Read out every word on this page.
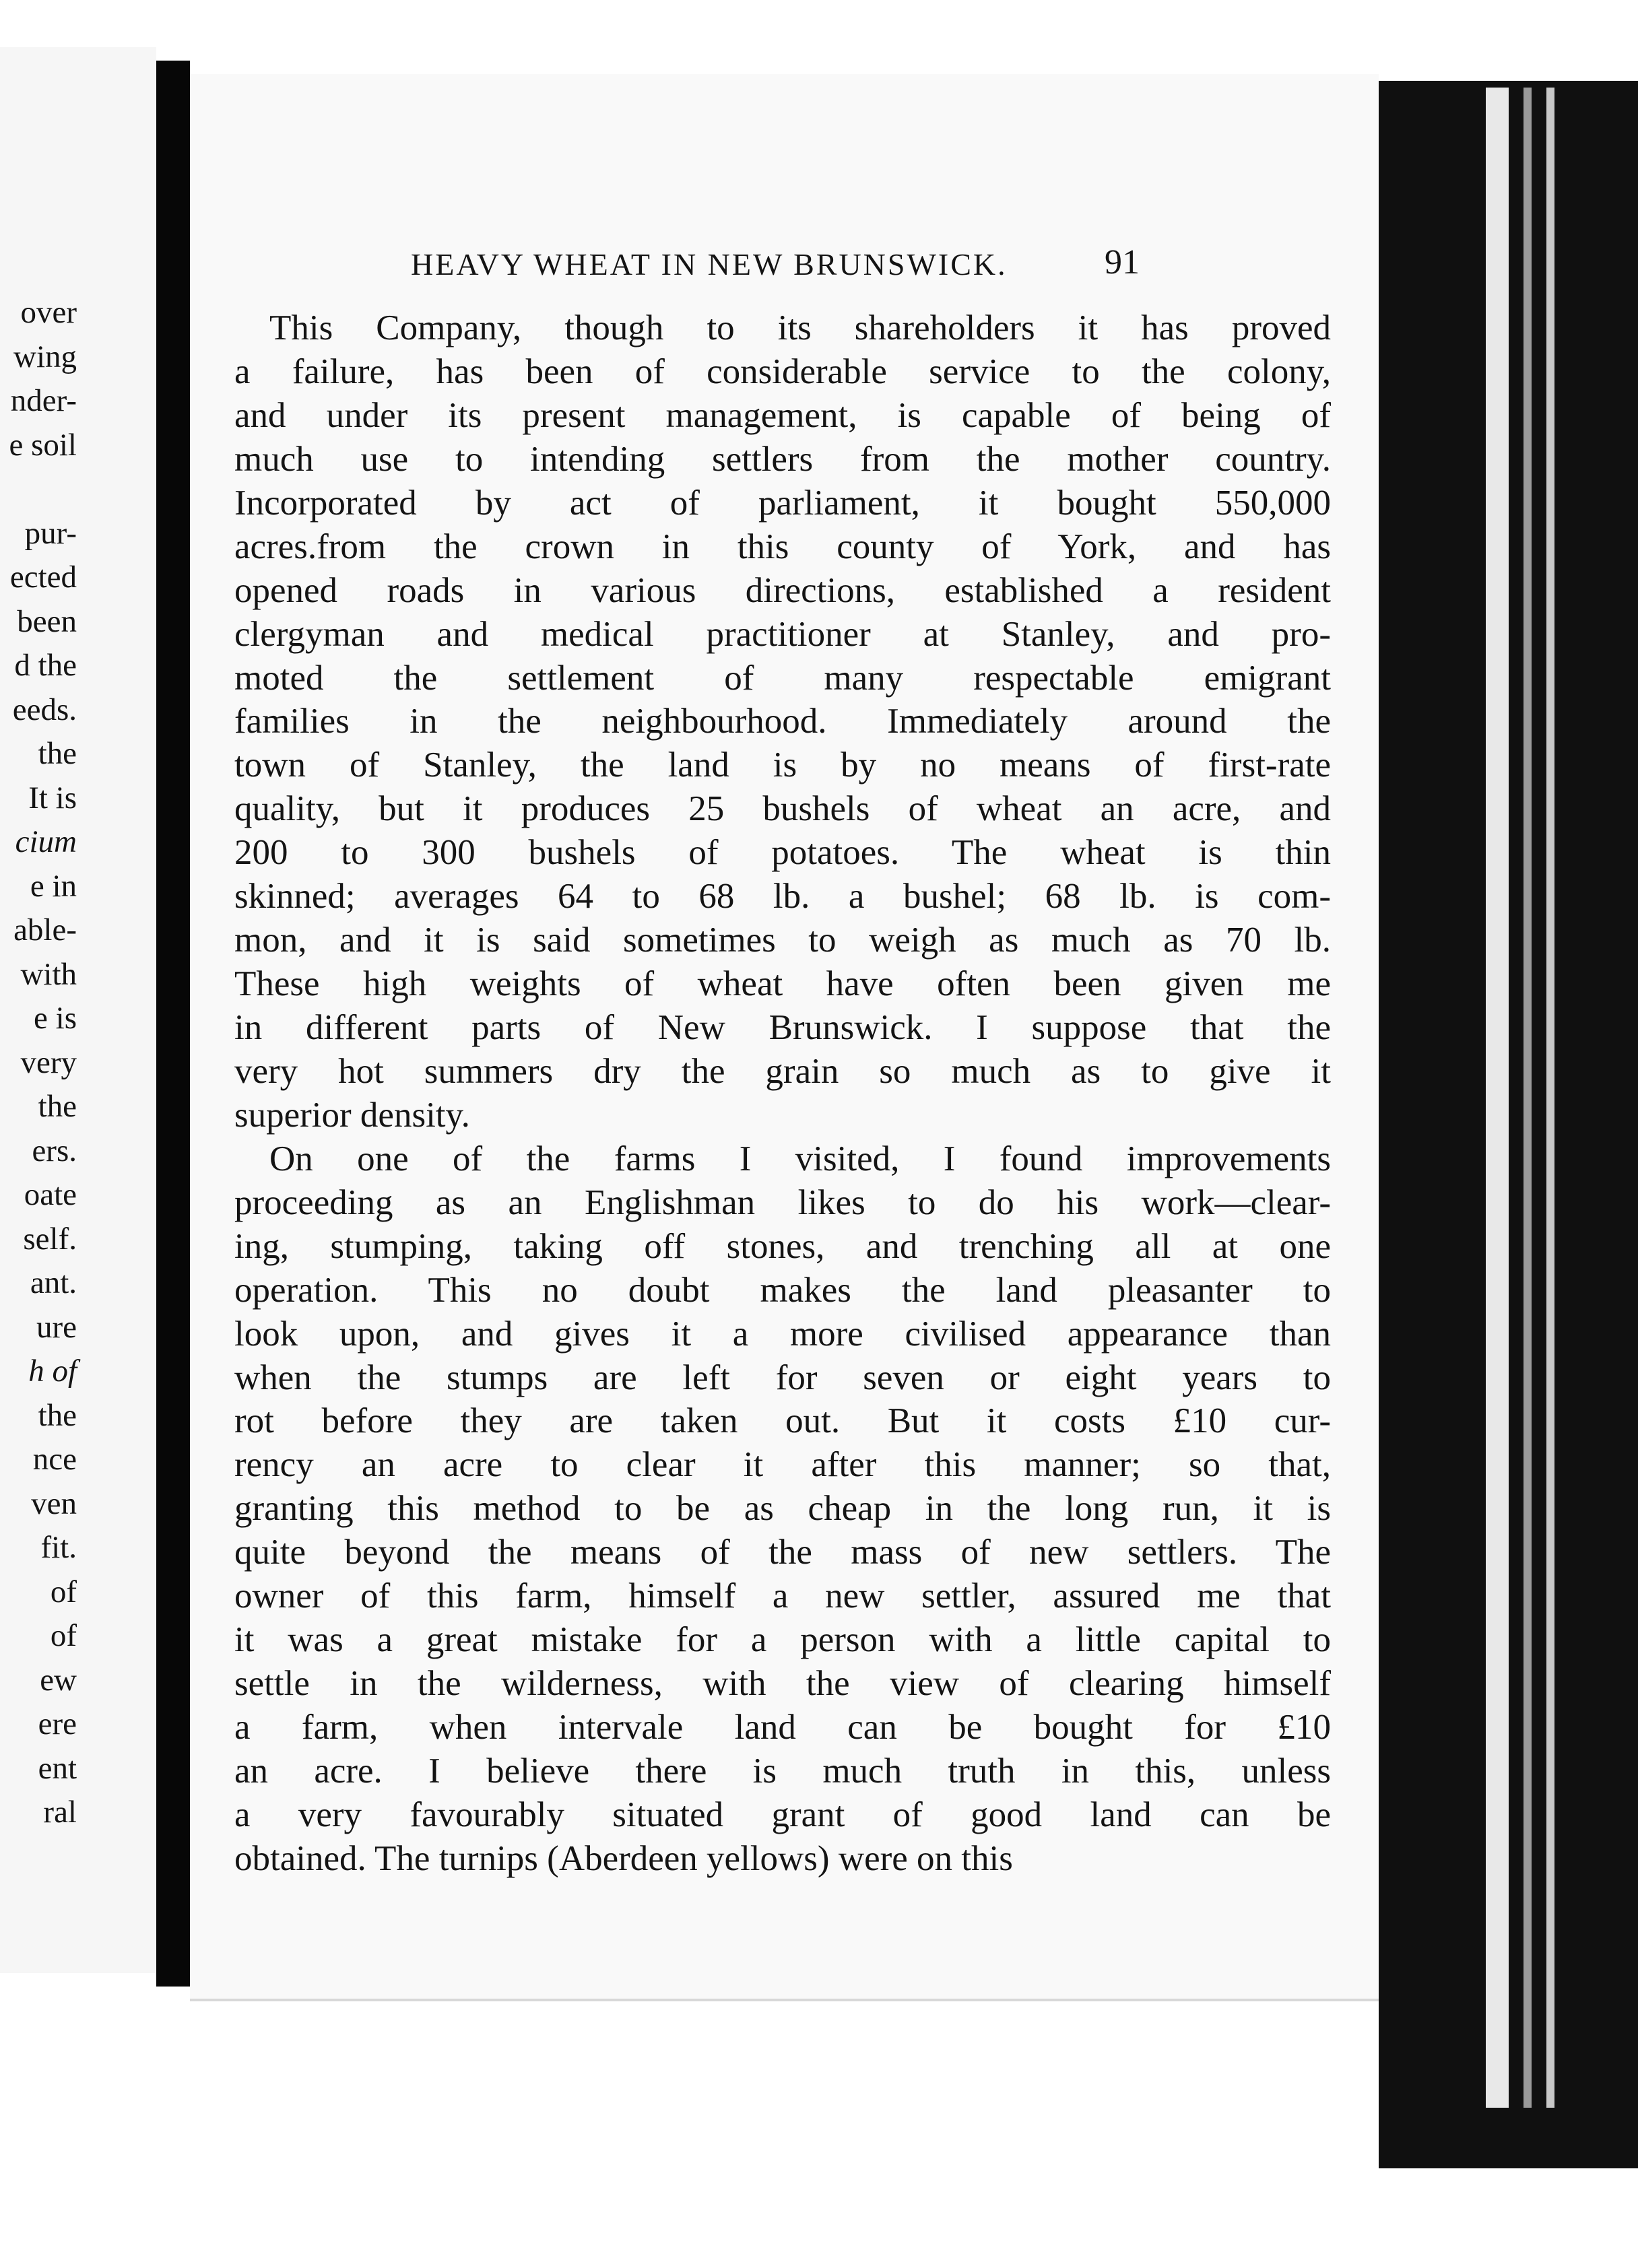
over
wing
nder-
e soil
pur-
ected
been
d the
eeds.
the
It is
cium
e in
able-
with
e is
very
the
ers.
oate
self.
ant.
ure
h of
the
nce
ven
fit.
of
of
ew
ere
ent
ral
HEAVY WHEAT IN NEW BRUNSWICK.	91
This Company, though to its shareholders it has proved
a failure, has been of considerable service to the colony,
and under its present management, is capable of being of
much use to intending settlers from the mother country.
Incorporated by act of parliament, it bought 550,000
acres.from the crown in this county of York, and has
opened roads in various directions, established a resident
clergyman and medical practitioner at Stanley, and pro-
moted the settlement of many respectable emigrant
families in the neighbourhood. Immediately around the
town of Stanley, the land is by no means of first-rate
quality, but it produces 25 bushels of wheat an acre, and
200 to 300 bushels of potatoes. The wheat is thin
skinned; averages 64 to 68 lb. a bushel; 68 lb. is com-
mon, and it is said sometimes to weigh as much as 70 lb.
These high weights of wheat have often been given me
in different parts of New Brunswick. I suppose that the
very hot summers dry the grain so much as to give it
superior density.
On one of the farms I visited, I found improvements
proceeding as an Englishman likes to do his work—clear-
ing, stumping, taking off stones, and trenching all at one
operation. This no doubt makes the land pleasanter to
look upon, and gives it a more civilised appearance than
when the stumps are left for seven or eight years to
rot before they are taken out. But it costs £10 cur-
rency an acre to clear it after this manner; so that,
granting this method to be as cheap in the long run, it is
quite beyond the means of the mass of new settlers. The
owner of this farm, himself a new settler, assured me that
it was a great mistake for a person with a little capital to
settle in the wilderness, with the view of clearing himself
a farm, when intervale land can be bought for £10
an acre. I believe there is much truth in this, unless
a very favourably situated grant of good land can be
obtained. The turnips (Aberdeen yellows) were on this
